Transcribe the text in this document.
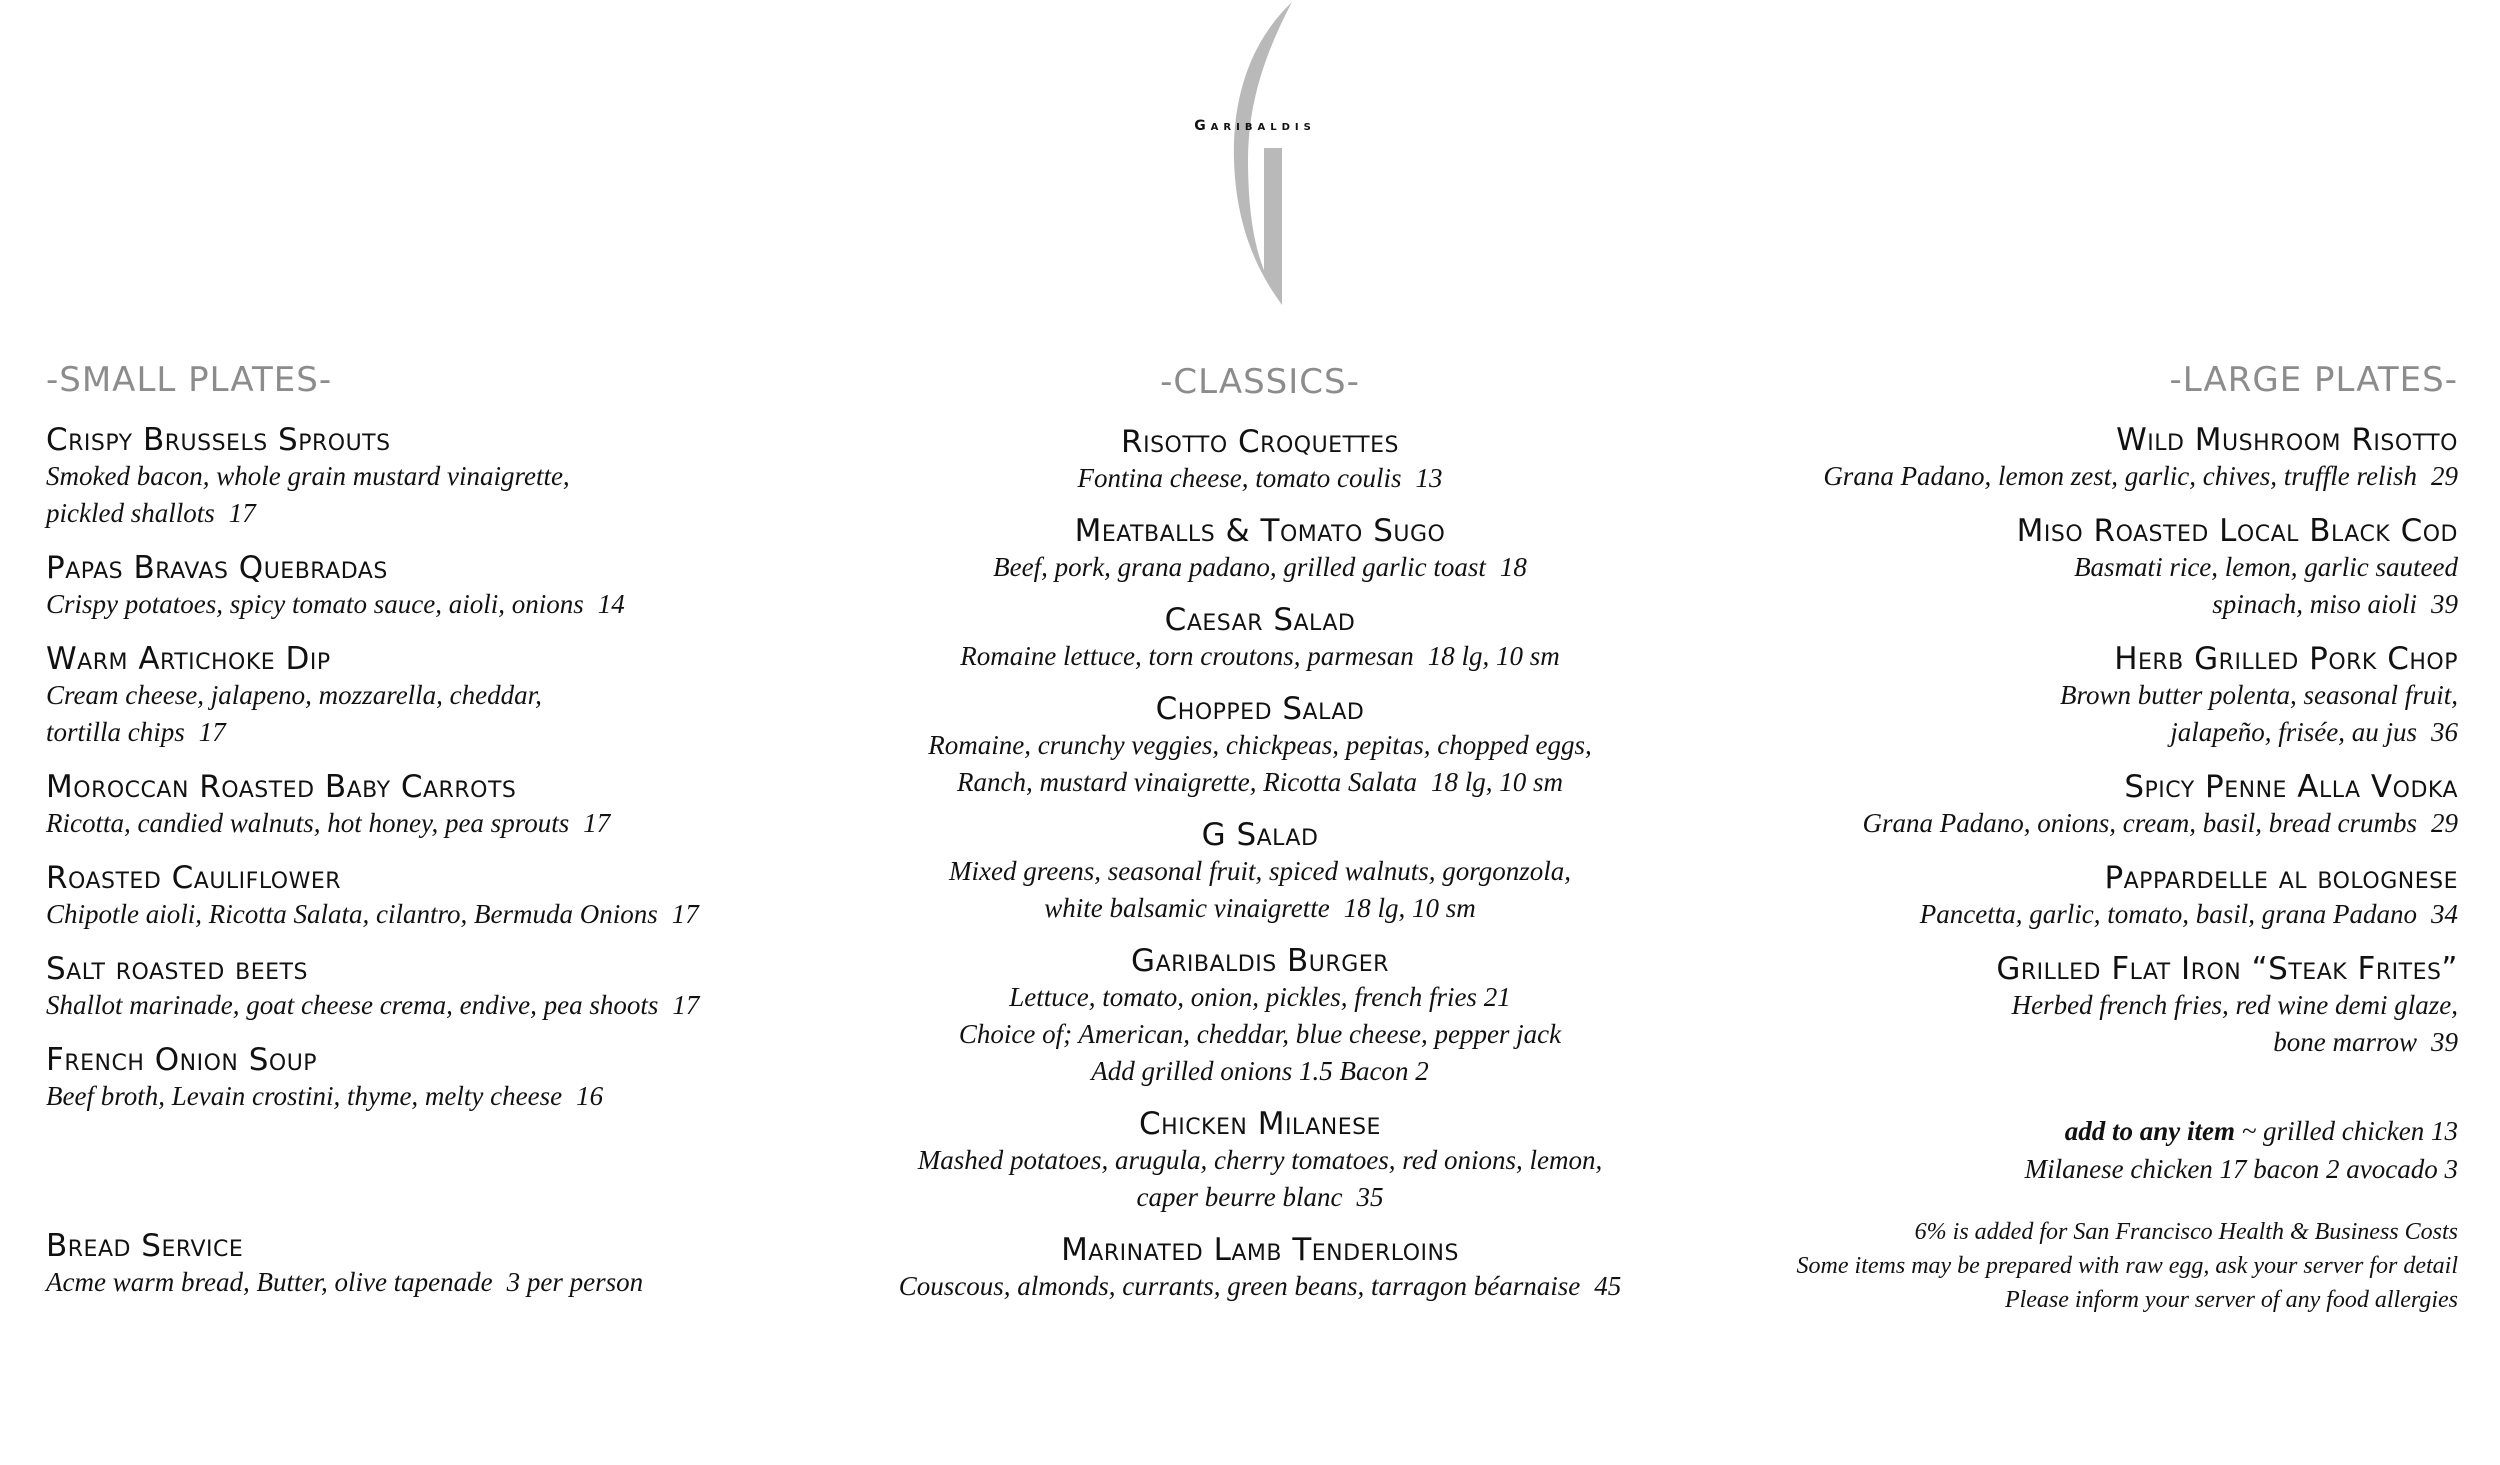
Garibaldis
-SMALL PLATES-
Crispy Brussels Sprouts
Smoked bacon, whole grain mustard vinaigrette,
pickled shallots 17
Papas Bravas Quebradas
Crispy potatoes, spicy tomato sauce, aioli, onions 14
Warm Artichoke Dip
Cream cheese, jalapeno, mozzarella, cheddar,
tortilla chips 17
Moroccan Roasted Baby Carrots
Ricotta, candied walnuts, hot honey, pea sprouts 17
Roasted Cauliflower
Chipotle aioli, Ricotta Salata, cilantro, Bermuda Onions 17
Salt roasted beets
Shallot marinade, goat cheese crema, endive, pea shoots 17
French Onion Soup
Beef broth, Levain crostini, thyme, melty cheese 16
Bread Service
Acme warm bread, Butter, olive tapenade 3 per person
-CLASSICS-
Risotto Croquettes
Fontina cheese, tomato coulis 13
Meatballs & Tomato Sugo
Beef, pork, grana padano, grilled garlic toast 18
Caesar Salad
Romaine lettuce, torn croutons, parmesan 18 lg, 10 sm
Chopped Salad
Romaine, crunchy veggies, chickpeas, pepitas, chopped eggs,
Ranch, mustard vinaigrette, Ricotta Salata 18 lg, 10 sm
G Salad
Mixed greens, seasonal fruit, spiced walnuts, gorgonzola,
white balsamic vinaigrette 18 lg, 10 sm
Garibaldis Burger
Lettuce, tomato, onion, pickles, french fries 21
Choice of; American, cheddar, blue cheese, pepper jack
Add grilled onions 1.5 Bacon 2
Chicken Milanese
Mashed potatoes, arugula, cherry tomatoes, red onions, lemon,
caper beurre blanc 35
Marinated Lamb Tenderloins
Couscous, almonds, currants, green beans, tarragon béarnaise 45
-LARGE PLATES-
Wild Mushroom Risotto
Grana Padano, lemon zest, garlic, chives, truffle relish 29
Miso Roasted Local Black Cod
Basmati rice, lemon, garlic sauteed
spinach, miso aioli 39
Herb Grilled Pork Chop
Brown butter polenta, seasonal fruit,
jalapeño, frisée, au jus 36
Spicy Penne Alla Vodka
Grana Padano, onions, cream, basil, bread crumbs 29
Pappardelle al bolognese
Pancetta, garlic, tomato, basil, grana Padano 34
Grilled Flat Iron “Steak Frites”
Herbed french fries, red wine demi glaze,
bone marrow 39
add to any item ~ grilled chicken 13
Milanese chicken 17 bacon 2 avocado 3
6% is added for San Francisco Health & Business Costs
Some items may be prepared with raw egg, ask your server for detail
Please inform your server of any food allergies
